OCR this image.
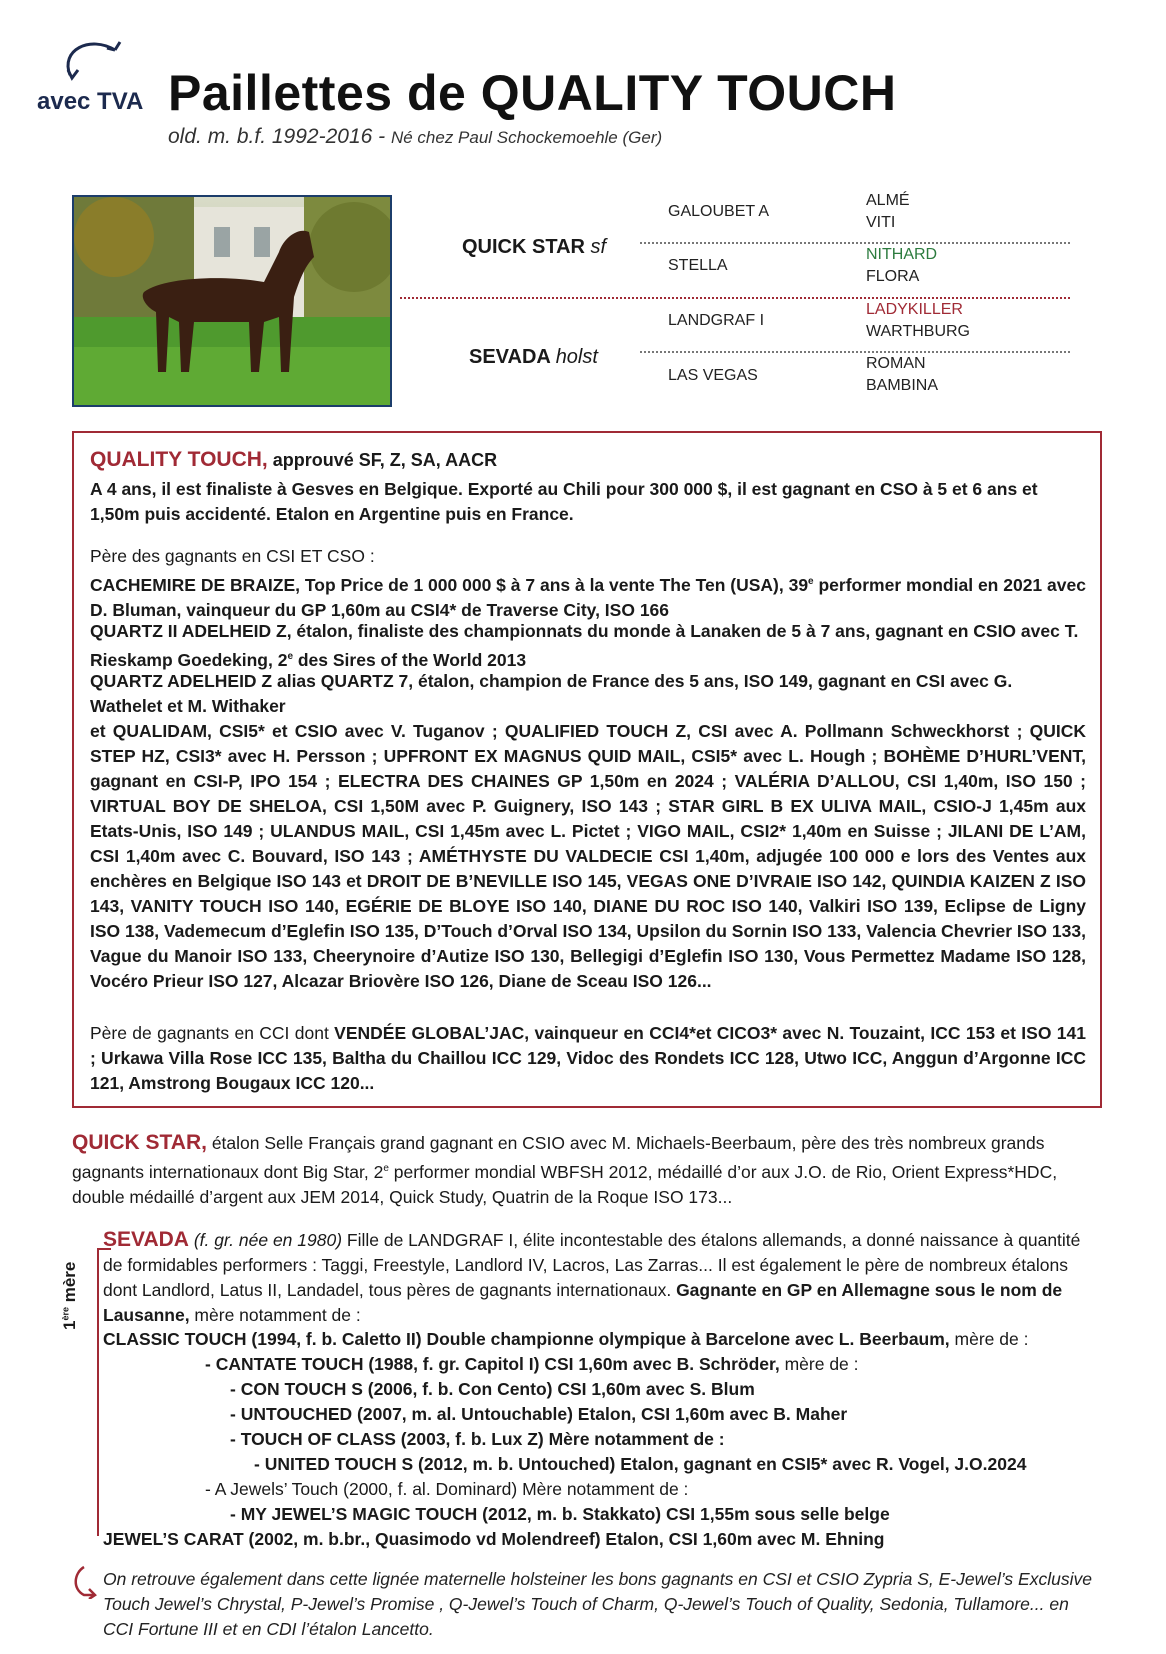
avec TVA Paillettes de QUALITY TOUCH
old. m. b.f. 1992-2016 - Né chez Paul Schockemoehle (Ger)
QUICK STAR sf
SEVADA holst
GALOUBET A
STELLA
LANDGRAF I
LAS VEGAS
ALMÉ
VITI
NITHARD
FLORA
LADYKILLER
WARTHBURG
ROMAN
BAMBINA
QUALITY TOUCH, approuvé SF, Z, SA, AACR
A 4 ans, il est finaliste à Gesves en Belgique. Exporté au Chili pour 300 000 $, il est gagnant en CSO à 5 et 6 ans et 1,50m puis accidenté. Etalon en Argentine puis en France.
Père des gagnants en CSI ET CSO :
CACHEMIRE DE BRAIZE, Top Price de 1 000 000 $ à 7 ans à la vente The Ten (USA), 39e performer mondial en 2021 avec D. Bluman, vainqueur du GP 1,60m au CSI4* de Traverse City, ISO 166
QUARTZ II ADELHEID Z, étalon, finaliste des championnats du monde à Lanaken de 5 à 7 ans, gagnant en CSIO avec T. Rieskamp Goedeking, 2e des Sires of the World 2013
QUARTZ ADELHEID Z alias QUARTZ 7, étalon, champion de France des 5 ans, ISO 149, gagnant en CSI avec G. Wathelet et M. Withaker
et QUALIDAM, CSI5* et CSIO avec V. Tuganov ; QUALIFIED TOUCH Z, CSI avec A. Pollmann Schweckhorst ; QUICK STEP HZ, CSI3* avec H. Persson ; UPFRONT EX MAGNUS QUID MAIL, CSI5* avec L. Hough ; BOHÈME D’HURL’VENT, gagnant en CSI-P, IPO 154 ; ELECTRA DES CHAINES GP 1,50m en 2024 ; VALÉRIA D’ALLOU, CSI 1,40m, ISO 150 ; VIRTUAL BOY DE SHELOA, CSI 1,50M avec P. Guignery, ISO 143 ; STAR GIRL B EX ULIVA MAIL, CSIO-J 1,45m aux Etats-Unis, ISO 149 ; ULANDUS MAIL, CSI 1,45m avec L. Pictet ; VIGO MAIL, CSI2* 1,40m en Suisse ; JILANI DE L’AM, CSI 1,40m avec C. Bouvard, ISO 143 ; AMÉTHYSTE DU VALDECIE CSI 1,40m, adjugée 100 000 e lors des Ventes aux enchères en Belgique ISO 143 et DROIT DE B’NEVILLE ISO 145, VEGAS ONE D’IVRAIE ISO 142, QUINDIA KAIZEN Z ISO 143, VANITY TOUCH ISO 140, EGÉRIE DE BLOYE ISO 140, DIANE DU ROC ISO 140, Valkiri ISO 139, Eclipse de Ligny ISO 138, Vademecum d’Eglefin ISO 135, D’Touch d’Orval ISO 134, Upsilon du Sornin ISO 133, Valencia Chevrier ISO 133, Vague du Manoir ISO 133, Cheerynoire d’Autize ISO 130, Bellegigi d’Eglefin ISO 130, Vous Permettez Madame ISO 128, Vocéro Prieur ISO 127, Alcazar Briovère ISO 126, Diane de Sceau ISO 126...
Père de gagnants en CCI dont VENDÉE GLOBAL’JAC, vainqueur en CCI4*et CICO3* avec N. Touzaint, ICC 153 et ISO 141 ; Urkawa Villa Rose ICC 135, Baltha du Chaillou ICC 129, Vidoc des Rondets ICC 128, Utwo ICC, Anggun d’Argonne ICC 121, Amstrong Bougaux ICC 120...
QUICK STAR, étalon Selle Français grand gagnant en CSIO avec M. Michaels-Beerbaum, père des très nombreux grands gagnants internationaux dont Big Star, 2e performer mondial WBFSH 2012, médaillé d’or aux J.O. de Rio, Orient Express*HDC, double médaillé d’argent aux JEM 2014, Quick Study, Quatrin de la Roque ISO 173...
1ère mère
SEVADA (f. gr. née en 1980) Fille de LANDGRAF I, élite incontestable des étalons allemands, a donné naissance à quantité de formidables performers : Taggi, Freestyle, Landlord IV, Lacros, Las Zarras... Il est également le père de nombreux étalons dont Landlord, Latus II, Landadel, tous pères de gagnants internationaux. Gagnante en GP en Allemagne sous le nom de Lausanne, mère notamment de :
CLASSIC TOUCH (1994, f. b. Caletto II) Double championne olympique à Barcelone avec L. Beerbaum, mère de :
- CANTATE TOUCH (1988, f. gr. Capitol I) CSI 1,60m avec B. Schröder, mère de :
- CON TOUCH S (2006, f. b. Con Cento) CSI 1,60m avec S. Blum
- UNTOUCHED (2007, m. al. Untouchable) Etalon, CSI 1,60m avec B. Maher
- TOUCH OF CLASS (2003, f. b. Lux Z) Mère notamment de :
- UNITED TOUCH S (2012, m. b. Untouched) Etalon, gagnant en CSI5* avec R. Vogel, J.O.2024
- A Jewels’ Touch (2000, f. al. Dominard) Mère notamment de :
- MY JEWEL’S MAGIC TOUCH (2012, m. b. Stakkato) CSI 1,55m sous selle belge
JEWEL’S CARAT (2002, m. b.br., Quasimodo vd Molendreef) Etalon, CSI 1,60m avec M. Ehning
On retrouve également dans cette lignée maternelle holsteiner les bons gagnants en CSI et CSIO Zypria S, E-Jewel’s Exclusive Touch Jewel’s Chrystal, P-Jewel’s Promise , Q-Jewel’s Touch of Charm, Q-Jewel’s Touch of Quality, Sedonia, Tullamore... en CCI Fortune III et en CDI l’étalon Lancetto.
